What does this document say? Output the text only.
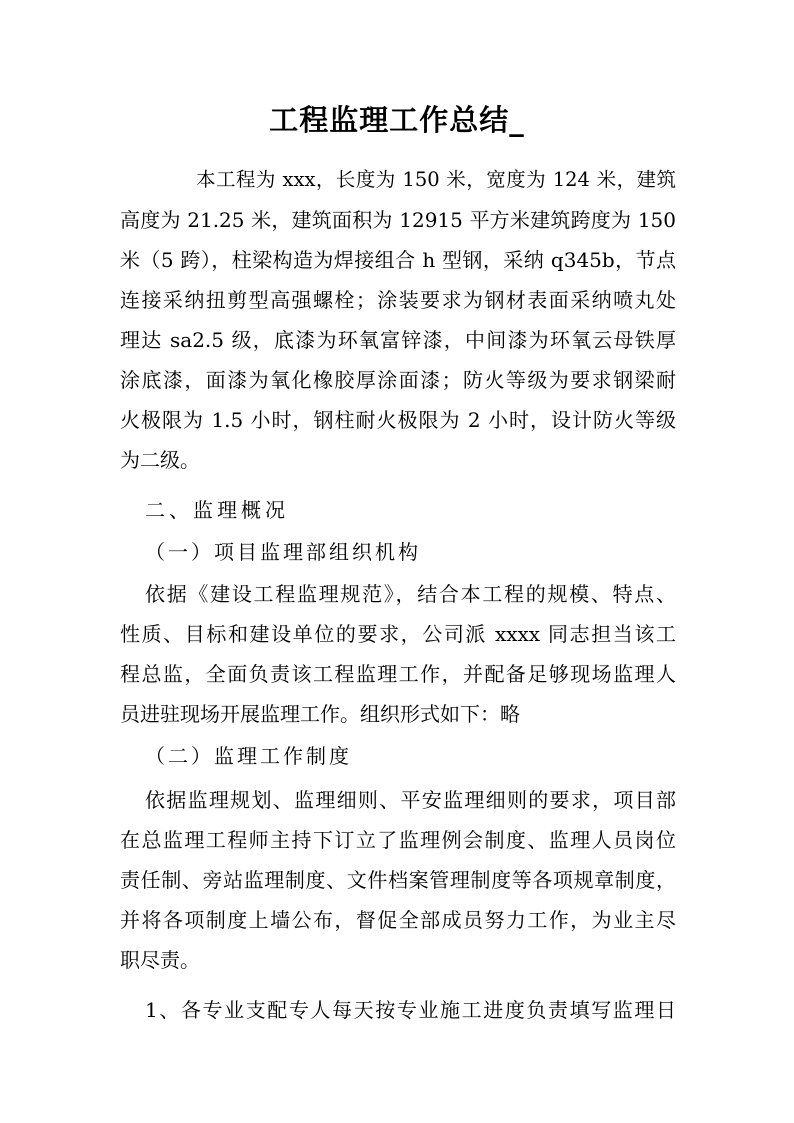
工程监理工作总结_
本工程为 xxx，长度为 150 米，宽度为 124 米，建筑
高度为 21.25 米，建筑面积为 12915 平方米建筑跨度为 150
米（5 跨），柱梁构造为焊接组合 h 型钢，采纳 q345b，节点
连接采纳扭剪型高强螺栓；涂装要求为钢材表面采纳喷丸处
理达 sa2.5 级，底漆为环氧富锌漆，中间漆为环氧云母铁厚
涂底漆，面漆为氧化橡胶厚涂面漆；防火等级为要求钢梁耐
火极限为 1.5 小时，钢柱耐火极限为 2 小时，设计防火等级
为二级。
二、监理概况
（一）项目监理部组织机构
依据《建设工程监理规范》，结合本工程的规模、特点、
性质、目标和建设单位的要求，公司派 xxxx 同志担当该工
程总监，全面负责该工程监理工作，并配备足够现场监理人
员进驻现场开展监理工作。组织形式如下：略
（二）监理工作制度
依据监理规划、监理细则、平安监理细则的要求，项目部
在总监理工程师主持下订立了监理例会制度、监理人员岗位
责任制、旁站监理制度、文件档案管理制度等各项规章制度，
并将各项制度上墙公布，督促全部成员努力工作，为业主尽
职尽责。
1、各专业支配专人每天按专业施工进度负责填写监理日
